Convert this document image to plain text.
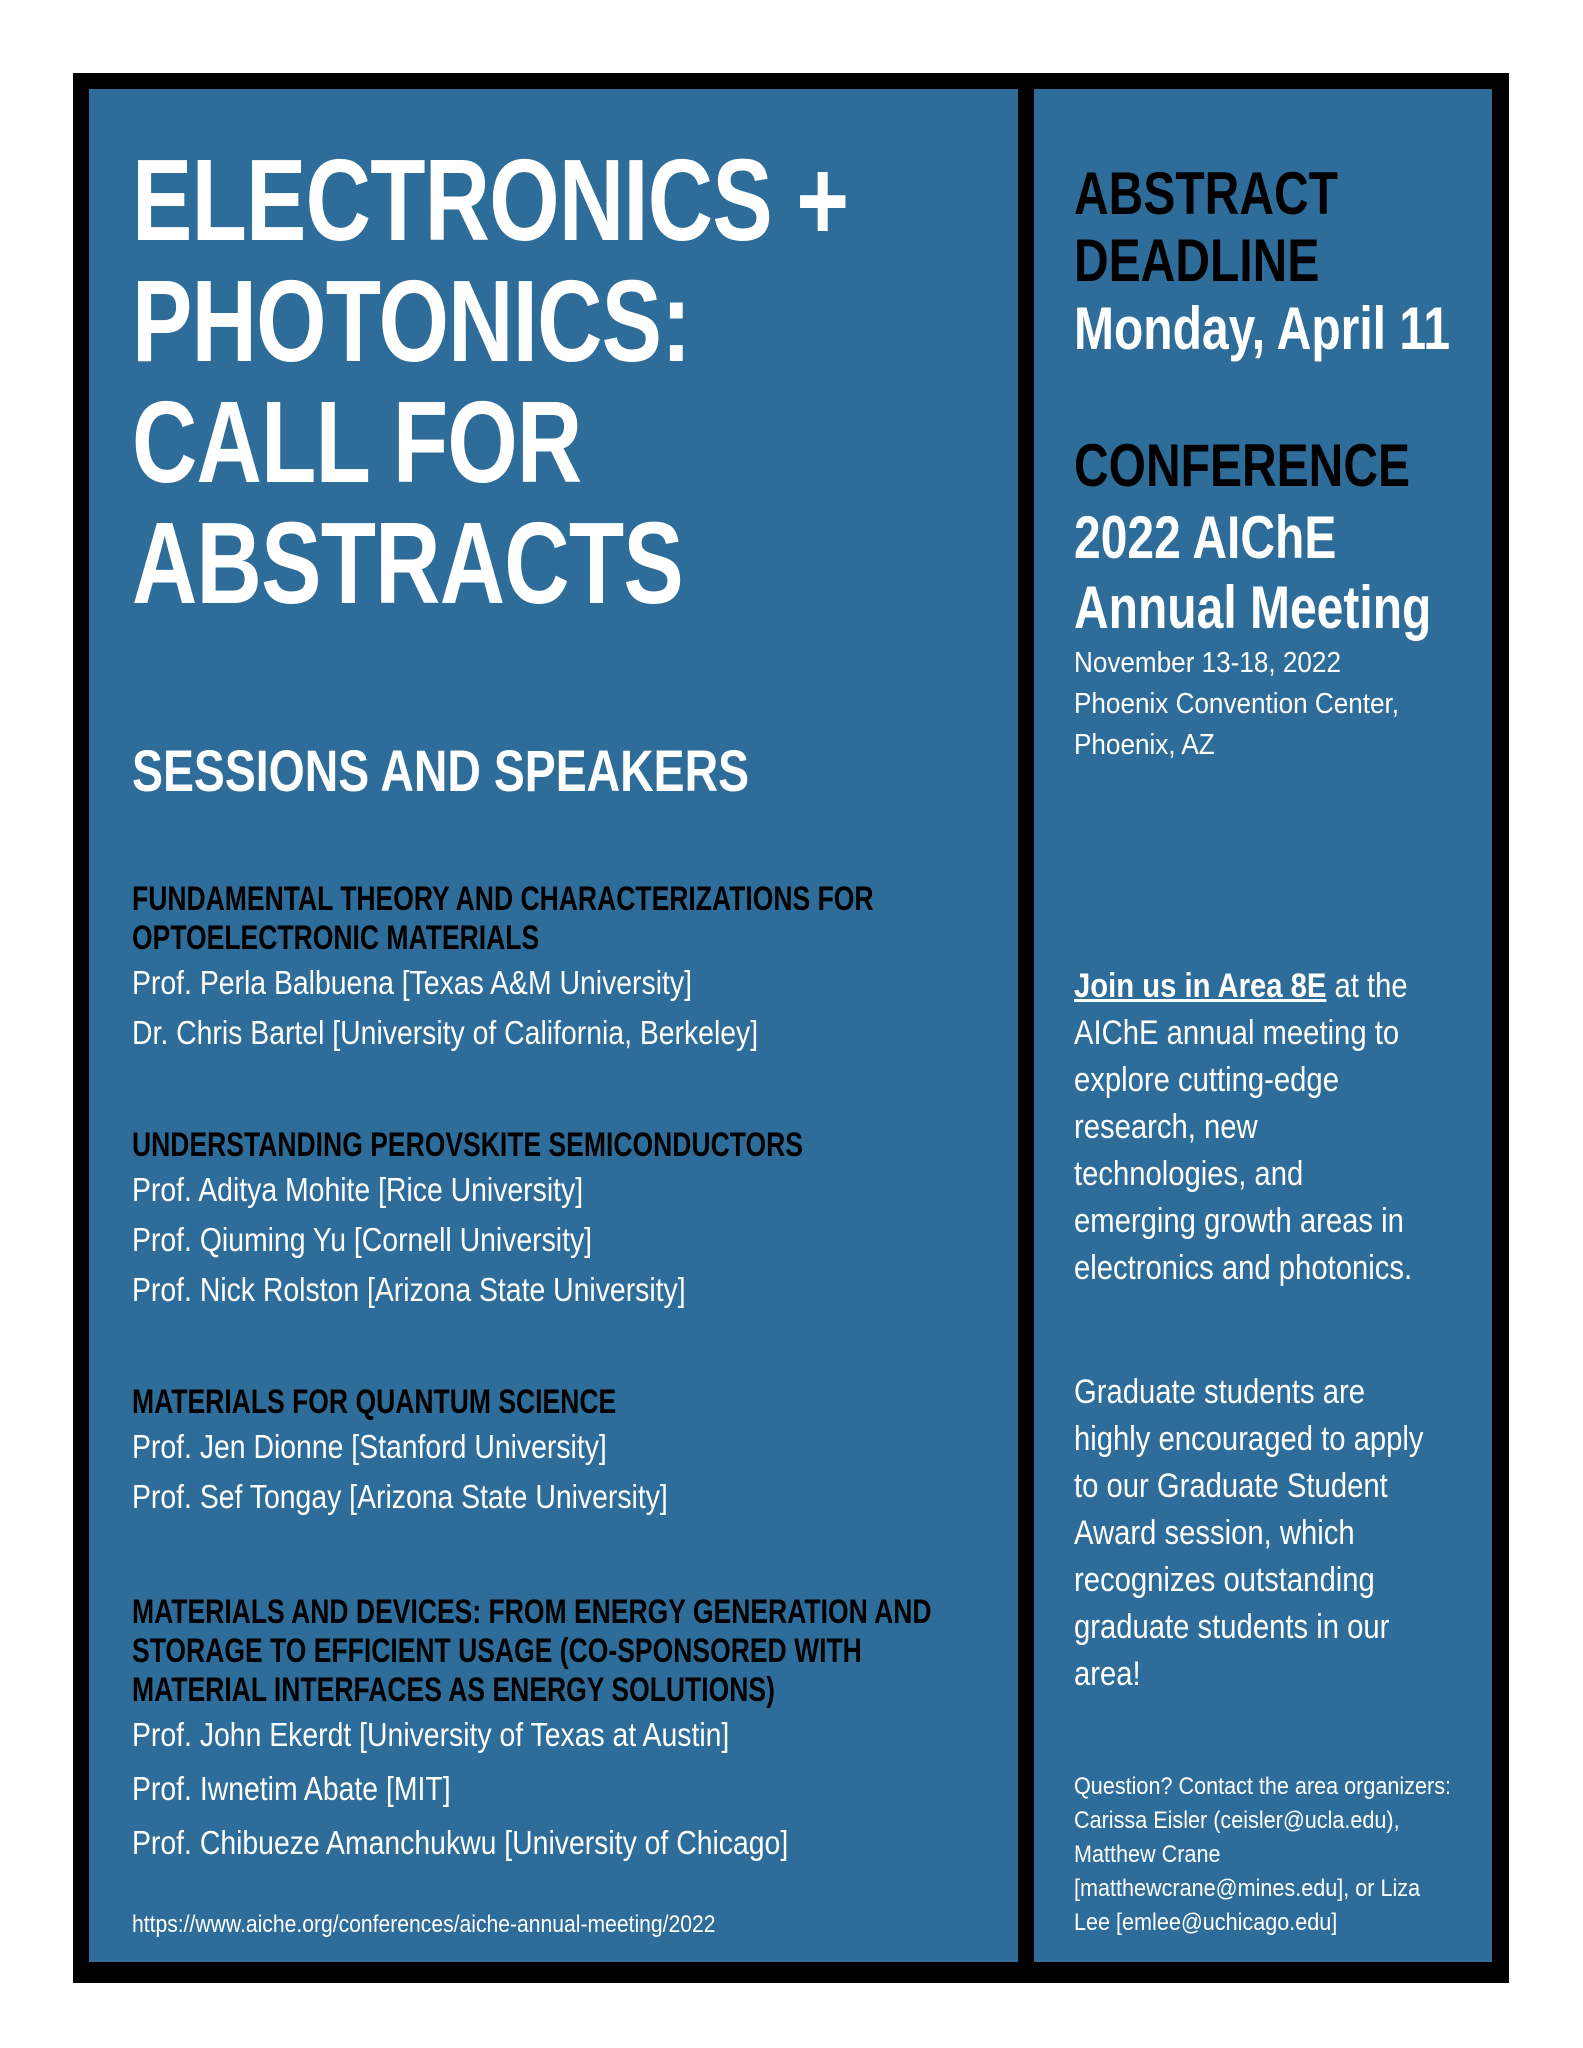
ELECTRONICS +
PHOTONICS:
CALL FOR
ABSTRACTS
SESSIONS AND SPEAKERS
FUNDAMENTAL THEORY AND CHARACTERIZATIONS FOR
OPTOELECTRONIC MATERIALS
Prof. Perla Balbuena [Texas A&M University]
Dr. Chris Bartel [University of California, Berkeley]
UNDERSTANDING PEROVSKITE SEMICONDUCTORS
Prof. Aditya Mohite [Rice University]
Prof. Qiuming Yu [Cornell University]
Prof. Nick Rolston [Arizona State University]
MATERIALS FOR QUANTUM SCIENCE
Prof. Jen Dionne [Stanford University]
Prof. Sef Tongay [Arizona State University]
MATERIALS AND DEVICES: FROM ENERGY GENERATION AND
STORAGE TO EFFICIENT USAGE (CO-SPONSORED WITH
MATERIAL INTERFACES AS ENERGY SOLUTIONS)
Prof. John Ekerdt [University of Texas at Austin]
Prof. Iwnetim Abate [MIT]
Prof. Chibueze Amanchukwu [University of Chicago]
https://www.aiche.org/conferences/aiche-annual-meeting/2022
ABSTRACT
DEADLINE
Monday, April 11
CONFERENCE
2022 AIChE
Annual Meeting
November 13-18, 2022
Phoenix Convention Center,
Phoenix, AZ
Join us in Area 8E at the
AIChE annual meeting to
explore cutting-edge
research, new
technologies, and
emerging growth areas in
electronics and photonics.
Graduate students are
highly encouraged to apply
to our Graduate Student
Award session, which
recognizes outstanding
graduate students in our
area!
Question? Contact the area organizers:
Carissa Eisler (ceisler@ucla.edu),
Matthew Crane
[matthewcrane@mines.edu], or Liza
Lee [emlee@uchicago.edu]
